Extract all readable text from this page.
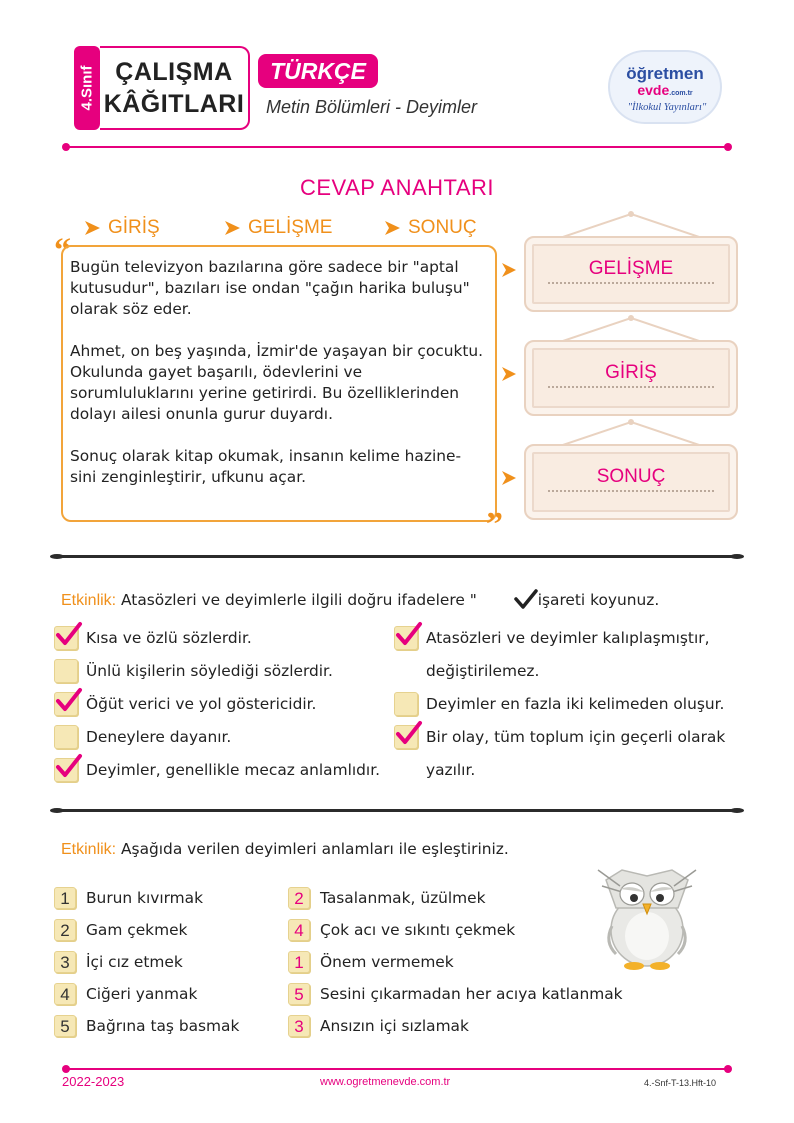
4.Sınıf ÇALIŞMA
KÂĞITLARI
TÜRKÇE
Metin Bölümleri - Deyimler
öğretmen
evde.com.tr
"İlkokul Yayınları"
CEVAP ANAHTARI
GİRİŞ	GELİŞME	SONUÇ
“ Bugün televizyon bazılarına göre sadece bir "aptal kutusudur", bazıları ise ondan "çağın harika buluşu" olarak söz eder.

Ahmet, on beş yaşında, İzmir'de yaşayan bir çocuktu. Okulunda gayet başarılı, ödevlerini ve sorumluluklarını yerine getirirdi. Bu özelliklerinden dolayı ailesi onunla gurur duyardı.

Sonuç olarak kitap okumak, insanın kelime hazine-sini zenginleştirir, ufkunu açar.

”
GELİŞME
GİRİŞ
SONUÇ
Etkinlik: Atasözleri ve deyimlerle ilgili doğru ifadelere "	işareti koyunuz.
Kısa ve özlü sözlerdir.
Ünlü kişilerin söylediği sözlerdir.
Öğüt verici ve yol göstericidir.
Deneylere dayanır.
Deyimler, genellikle mecaz anlamlıdır.
Atasözleri ve deyimler kalıplaşmıştır,
değiştirilemez.
Deyimler en fazla iki kelimeden oluşur.
Bir olay, tüm toplum için geçerli olarak
yazılır.
Etkinlik: Aşağıda verilen deyimleri anlamları ile eşleştiriniz.
1	Burun kıvırmak
2	Gam çekmek
3	İçi cız etmek
4	Ciğeri yanmak
5	Bağrına taş basmak
2	Tasalanmak, üzülmek
4	Çok acı ve sıkıntı çekmek
1	Önem vermemek
5	Sesini çıkarmadan her acıya katlanmak
3	Ansızın içi sızlamak
2022-2023	www.ogretmenevde.com.tr	4.-Snf-T-13.Hft-10
